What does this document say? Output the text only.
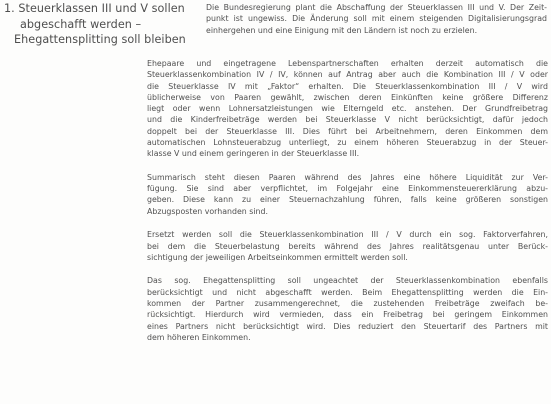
1. Steuerklassen III und V sollen
abgeschafft werden –
Ehegattensplitting soll bleiben
Die Bundesregierung plant die Abschaffung der Steuerklassen III und V. Der Zeit-
punkt ist ungewiss. Die Änderung soll mit einem steigenden Digitalisierungsgrad
einhergehen und eine Einigung mit den Ländern ist noch zu erzielen.
Ehepaare und eingetragene Lebenspartnerschaften erhalten derzeit automatisch die
Steuerklassenkombination IV / IV, können auf Antrag aber auch die Kombination III / V oder
die Steuerklasse IV mit „Faktor“ erhalten. Die Steuerklassenkombination III / V wird
üblicherweise von Paaren gewählt, zwischen deren Einkünften keine größere Differenz
liegt oder wenn Lohnersatzleistungen wie Elterngeld etc. anstehen. Der Grundfreibetrag
und die Kinderfreibeträge werden bei Steuerklasse V nicht berücksichtigt, dafür jedoch
doppelt bei der Steuerklasse III. Dies führt bei Arbeitnehmern, deren Einkommen dem
automatischen Lohnsteuerabzug unterliegt, zu einem höheren Steuerabzug in der Steuer-
klasse V und einem geringeren in der Steuerklasse III.
Summarisch steht diesen Paaren während des Jahres eine höhere Liquidität zur Ver-
fügung. Sie sind aber verpflichtet, im Folgejahr eine Einkommensteuererklärung abzu-
geben. Diese kann zu einer Steuernachzahlung führen, falls keine größeren sonstigen
Abzugsposten vorhanden sind.
Ersetzt werden soll die Steuerklassenkombination III / V durch ein sog. Faktorverfahren,
bei dem die Steuerbelastung bereits während des Jahres realitätsgenau unter Berück-
sichtigung der jeweiligen Arbeitseinkommen ermittelt werden soll.
Das sog. Ehegattensplitting soll ungeachtet der Steuerklassenkombination ebenfalls
berücksichtigt und nicht abgeschafft werden. Beim Ehegattensplitting werden die Ein-
kommen der Partner zusammengerechnet, die zustehenden Freibeträge zweifach be-
rücksichtigt. Hierdurch wird vermieden, dass ein Freibetrag bei geringem Einkommen
eines Partners nicht berücksichtigt wird. Dies reduziert den Steuertarif des Partners mit
dem höheren Einkommen.
